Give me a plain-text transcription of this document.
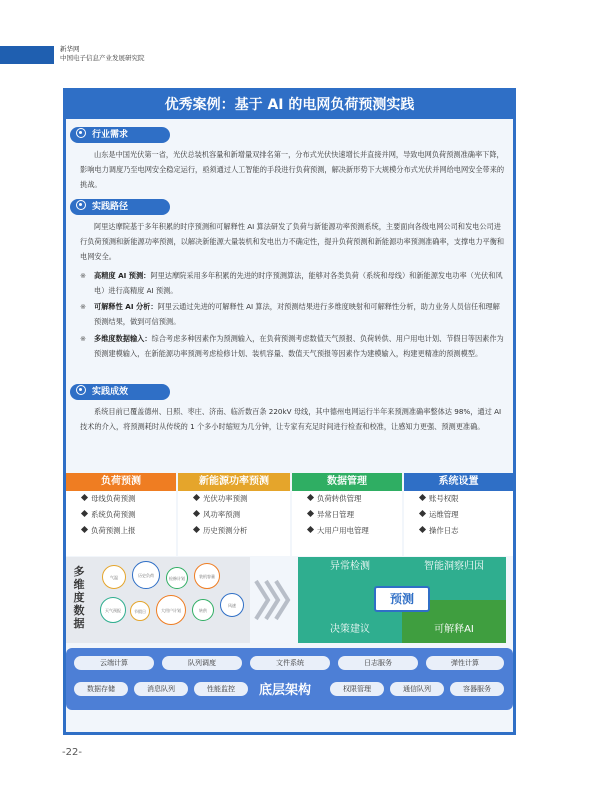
新华网
中国电子信息产业发展研究院
优秀案例：基于 AI 的电网负荷预测实践
行业需求
山东是中国光伏第一省，光伏总装机容量和新增量双排名第一，分布式光伏快速增长并直接并网，导致电网负荷预测准确率下降，影响电力调度乃至电网安全稳定运行，亟须通过人工智能的手段进行负荷预测，解决新形势下大规模分布式光伏并网给电网安全带来的挑战。
实践路径
阿里达摩院基于多年积累的时序预测和可解释性 AI 算法研发了负荷与新能源功率预测系统，主要面向各级电网公司和发电公司进行负荷预测和新能源功率预测，以解决新能源大量装机和发电出力不确定性，提升负荷预测和新能源功率预测准确率，支撑电力平衡和电网安全。
※ 高精度 AI 预测：阿里达摩院采用多年积累的先进的时序预测算法，能够对各类负荷（系统和母线）和新能源发电功率（光伏和风电）进行高精度 AI 预测。
※ 可解释性 AI 分析：阿里云通过先进的可解释性 AI 算法，对预测结果进行多维度映射和可解释性分析，助力业务人员信任和理解预测结果，做到可信预测。
※ 多维度数据输入：综合考虑多种因素作为预测输入，在负荷预测考虑数值天气预报、负荷转供、用户用电计划、节假日等因素作为预测建模输入，在新能源功率预测考虑检修计划、装机容量、数值天气预报等因素作为建模输入，构建更精准的预测模型。
实践成效
系统目前已覆盖德州、日照、枣庄、济南、临沂数百条 220kV 母线，其中德州电网运行半年来预测准确率整体达 98%，通过 AI 技术的介入，将预测耗时从传统的 1 个多小时缩短为几分钟，让专家有充足时间进行检查和校准，让感知力更强、预测更准确。
负荷预测
母线负荷预测
系统负荷预测
负荷预测上报
新能源功率预测
光伏功率预测
风功率预测
历史预测分析
数据管理
负荷转供管理
异常日管理
大用户用电管理
系统设置
账号权限
运维管理
操作日志
多维度数据
气温	历史负荷
检修计划	装机容量
天气预报	节假日	大用户计划	转供
风速
异常检测	智能洞察归因
决策建议	可解释AI
预测
云端计算	队列调度	文件系统	日志服务	弹性计算
数据存储	消息队列	性能监控	底层架构	权限管理	通信队列	容器服务
-22-
